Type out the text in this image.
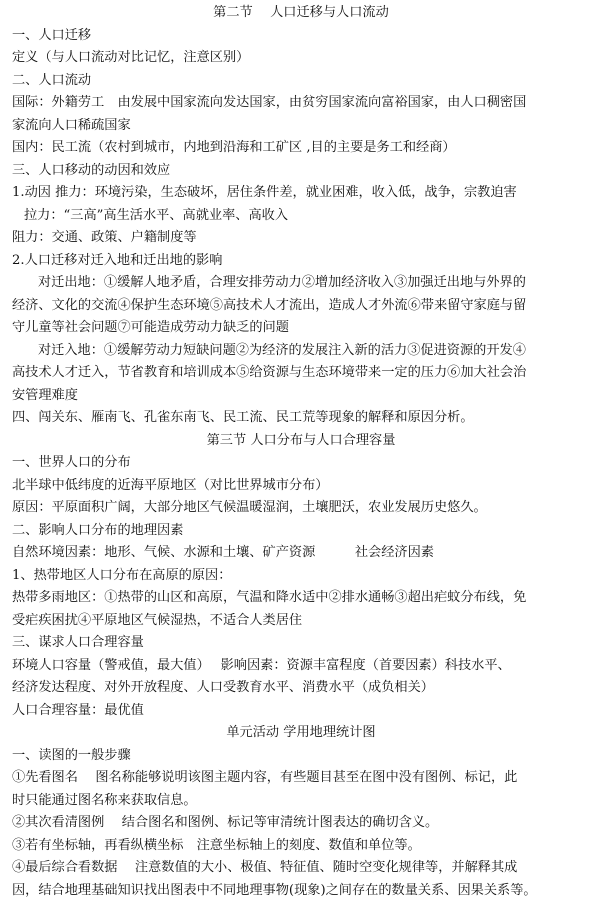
第二节　 人口迁移与人口流动
一、人口迁移
定义（与人口流动对比记忆，注意区别）
二、人口流动
国际：外籍劳工　由发展中国家流向发达国家，由贫穷国家流向富裕国家，由人口稠密国
家流向人口稀疏国家
国内：民工流（农村到城市，内地到沿海和工矿区 ,目的主要是务工和经商）
三、人口移动的动因和效应
1.动因 推力：环境污染，生态破坏，居住条件差，就业困难，收入低，战争，宗教迫害
拉力：“三高”高生活水平、高就业率、高收入
阻力：交通、政策、户籍制度等
2.人口迁移对迁入地和迁出地的影响
对迁出地：①缓解人地矛盾，合理安排劳动力②增加经济收入③加强迁出地与外界的
经济、文化的交流④保护生态环境⑤高技术人才流出，造成人才外流⑥带来留守家庭与留
守儿童等社会问题⑦可能造成劳动力缺乏的问题
对迁入地：①缓解劳动力短缺问题②为经济的发展注入新的活力③促进资源的开发④
高技术人才迁入，节省教育和培训成本⑤给资源与生态环境带来一定的压力⑥加大社会治
安管理难度
四、闯关东、雁南飞、孔雀东南飞、民工流、民工荒等现象的解释和原因分析。
第三节 人口分布与人口合理容量
一、世界人口的分布
北半球中低纬度的近海平原地区（对比世界城市分布）
原因：平原面积广阔，大部分地区气候温暖湿润，土壤肥沃，农业发展历史悠久。
二、影响人口分布的地理因素
自然环境因素：地形、气候、水源和土壤、矿产资源　　　社会经济因素
1、热带地区人口分布在高原的原因：
热带多雨地区：①热带的山区和高原，气温和降水适中②排水通畅③超出疟蚊分布线，免
受疟疾困扰④平原地区气候湿热，不适合人类居住
三、谋求人口合理容量
环境人口容量（警戒值，最大值）　 影响因素：资源丰富程度（首要因素）科技水平、
经济发达程度、对外开放程度、人口受教育水平、消费水平（成负相关）
人口合理容量：最优值
单元活动 学用地理统计图
一、读图的一般步骤
①先看图名　 图名称能够说明该图主题内容，有些题目甚至在图中没有图例、标记，此
时只能通过图名称来获取信息。
②其次看清图例　 结合图名和图例、标记等审清统计图表达的确切含义。
③若有坐标轴，再看纵横坐标　注意坐标轴上的刻度、数值和单位等。
④最后综合看数据　 注意数值的大小、极值、特征值、随时空变化规律等，并解释其成
因，结合地理基础知识找出图表中不同地理事物(现象)之间存在的数量关系、因果关系等。
